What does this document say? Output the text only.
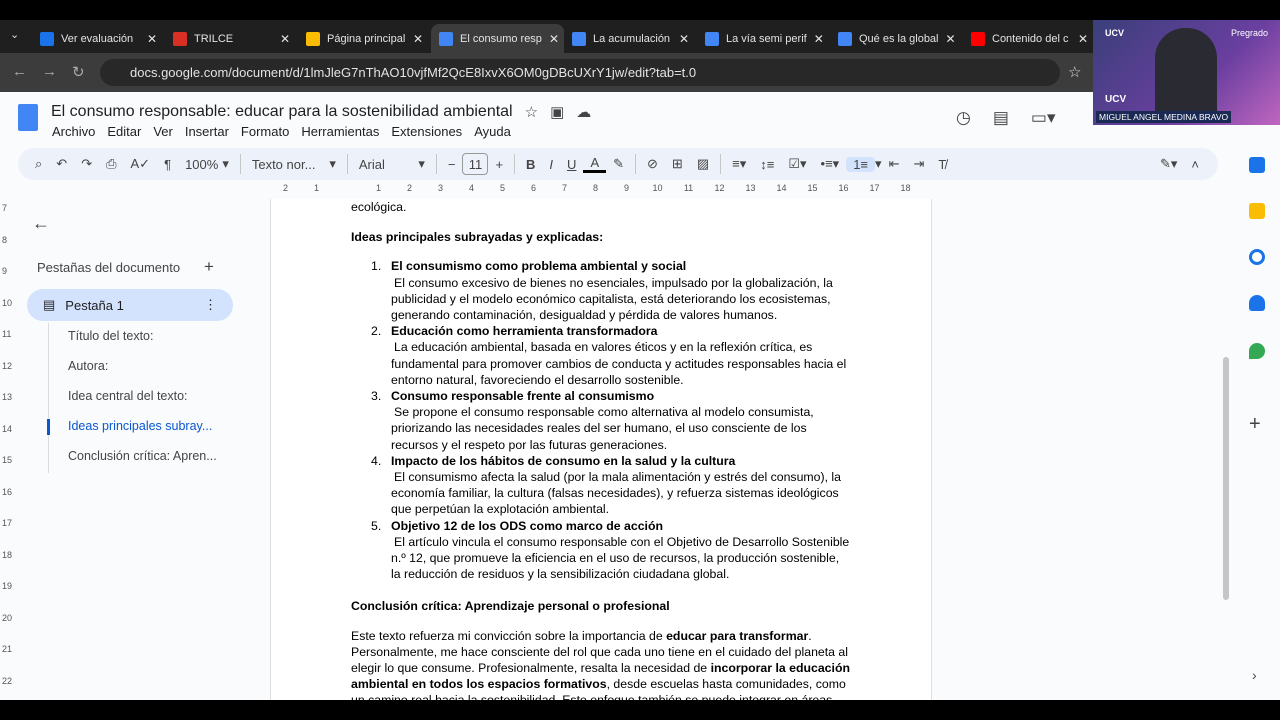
⌄	Ver evaluación	✕	TRILCE	✕	Página principal ✕	El consumo resp ✕	La acumulación ✕	La vía semi perif ✕	Qué es la global ✕	Contenido del c ✕
← → ↻	docs.google.com/document/d/1lmJleG7nThAO10vjfMf2QcE8IxvX6OM0gDBcUXrY1jw/edit?tab=t.0	☆
El consumo responsable: educar para la sostenibilidad ambiental ☆ ▣ ☁
Archivo Editar Ver Insertar Formato Herramientas Extensiones Ayuda
◷ ▤ ▭▾
⌕	↶	↷	⎙	A✓	¶	100% ▾	Texto nor... ▾	Arial	▾	−	11	+	B I U	A	✎	⊘	⊞	▨	≡▾	↕≡	☑▾	•≡▾	1≡ ▾ ⇤	⇥	T̸	✎▾	˄
2	1	1	2	3	4	5	6	7	8	9	10	11	12	13	14	15	16	17	18
7
8
9
10
11
12
13
14
15
16
17
18
19
20
21
22
←
Pestañas del documento +
▤ Pestaña 1	⋮
Título del texto:
Autora:
Idea central del texto:
Ideas principales subray...
Conclusión crítica: Apren...
ecológica.
Ideas principales subrayadas y explicadas:
1. El consumismo como problema ambiental y social
El consumo excesivo de bienes no esenciales, impulsado por la globalización, la publicidad y el modelo económico capitalista, está deteriorando los ecosistemas, generando contaminación, desigualdad y pérdida de valores humanos.
2. Educación como herramienta transformadora
La educación ambiental, basada en valores éticos y en la reflexión crítica, es fundamental para promover cambios de conducta y actitudes responsables hacia el entorno natural, favoreciendo el desarrollo sostenible.
3. Consumo responsable frente al consumismo
Se propone el consumo responsable como alternativa al modelo consumista, priorizando las necesidades reales del ser humano, el uso consciente de los recursos y el respeto por las futuras generaciones.
4. Impacto de los hábitos de consumo en la salud y la cultura
El consumismo afecta la salud (por la mala alimentación y estrés del consumo), la economía familiar, la cultura (falsas necesidades), y refuerza sistemas ideológicos que perpetúan la explotación ambiental.
5. Objetivo 12 de los ODS como marco de acción
El artículo vincula el consumo responsable con el Objetivo de Desarrollo Sostenible n.º 12, que promueve la eficiencia en el uso de recursos, la producción sostenible, la reducción de residuos y la sensibilización ciudadana global.
Conclusión crítica: Aprendizaje personal o profesional
Este texto refuerza mi convicción sobre la importancia de educar para transformar. Personalmente, me hace consciente del rol que cada uno tiene en el cuidado del planeta al elegir lo que consume. Profesionalmente, resalta la necesidad de incorporar la educación ambiental en todos los espacios formativos, desde escuelas hasta comunidades, como un camino real hacia la sostenibilidad. Este enfoque también se puede integrar en áreas
+
›
UCV	Pregrado
UCV
MIGUEL ANGEL MEDINA BRAVO
